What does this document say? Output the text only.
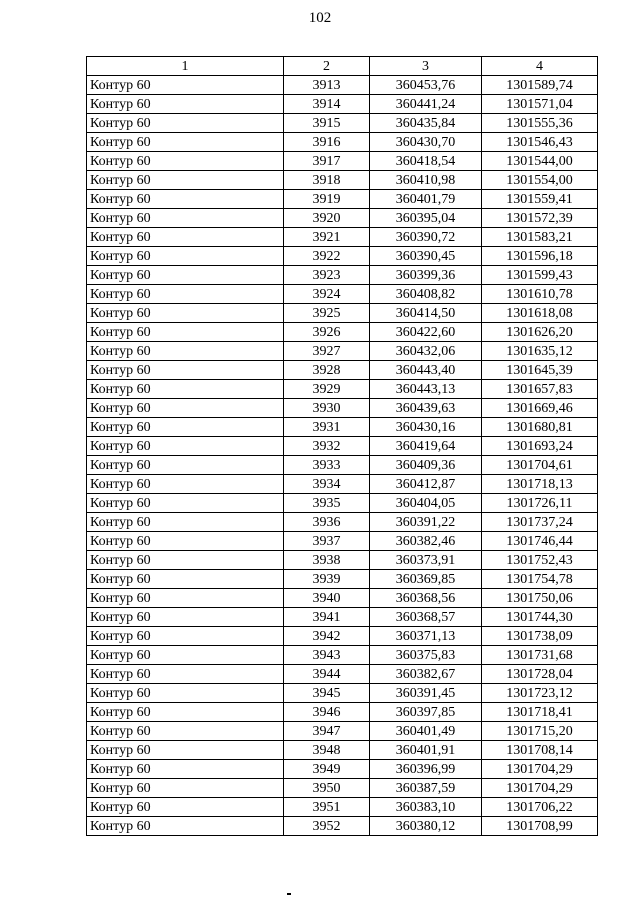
102
1	2	3	4
Контур 60	3913	360453,76	1301589,74
Контур 60	3914	360441,24	1301571,04
Контур 60	3915	360435,84	1301555,36
Контур 60	3916	360430,70	1301546,43
Контур 60	3917	360418,54	1301544,00
Контур 60	3918	360410,98	1301554,00
Контур 60	3919	360401,79	1301559,41
Контур 60	3920	360395,04	1301572,39
Контур 60	3921	360390,72	1301583,21
Контур 60	3922	360390,45	1301596,18
Контур 60	3923	360399,36	1301599,43
Контур 60	3924	360408,82	1301610,78
Контур 60	3925	360414,50	1301618,08
Контур 60	3926	360422,60	1301626,20
Контур 60	3927	360432,06	1301635,12
Контур 60	3928	360443,40	1301645,39
Контур 60	3929	360443,13	1301657,83
Контур 60	3930	360439,63	1301669,46
Контур 60	3931	360430,16	1301680,81
Контур 60	3932	360419,64	1301693,24
Контур 60	3933	360409,36	1301704,61
Контур 60	3934	360412,87	1301718,13
Контур 60	3935	360404,05	1301726,11
Контур 60	3936	360391,22	1301737,24
Контур 60	3937	360382,46	1301746,44
Контур 60	3938	360373,91	1301752,43
Контур 60	3939	360369,85	1301754,78
Контур 60	3940	360368,56	1301750,06
Контур 60	3941	360368,57	1301744,30
Контур 60	3942	360371,13	1301738,09
Контур 60	3943	360375,83	1301731,68
Контур 60	3944	360382,67	1301728,04
Контур 60	3945	360391,45	1301723,12
Контур 60	3946	360397,85	1301718,41
Контур 60	3947	360401,49	1301715,20
Контур 60	3948	360401,91	1301708,14
Контур 60	3949	360396,99	1301704,29
Контур 60	3950	360387,59	1301704,29
Контур 60	3951	360383,10	1301706,22
Контур 60	3952	360380,12	1301708,99
